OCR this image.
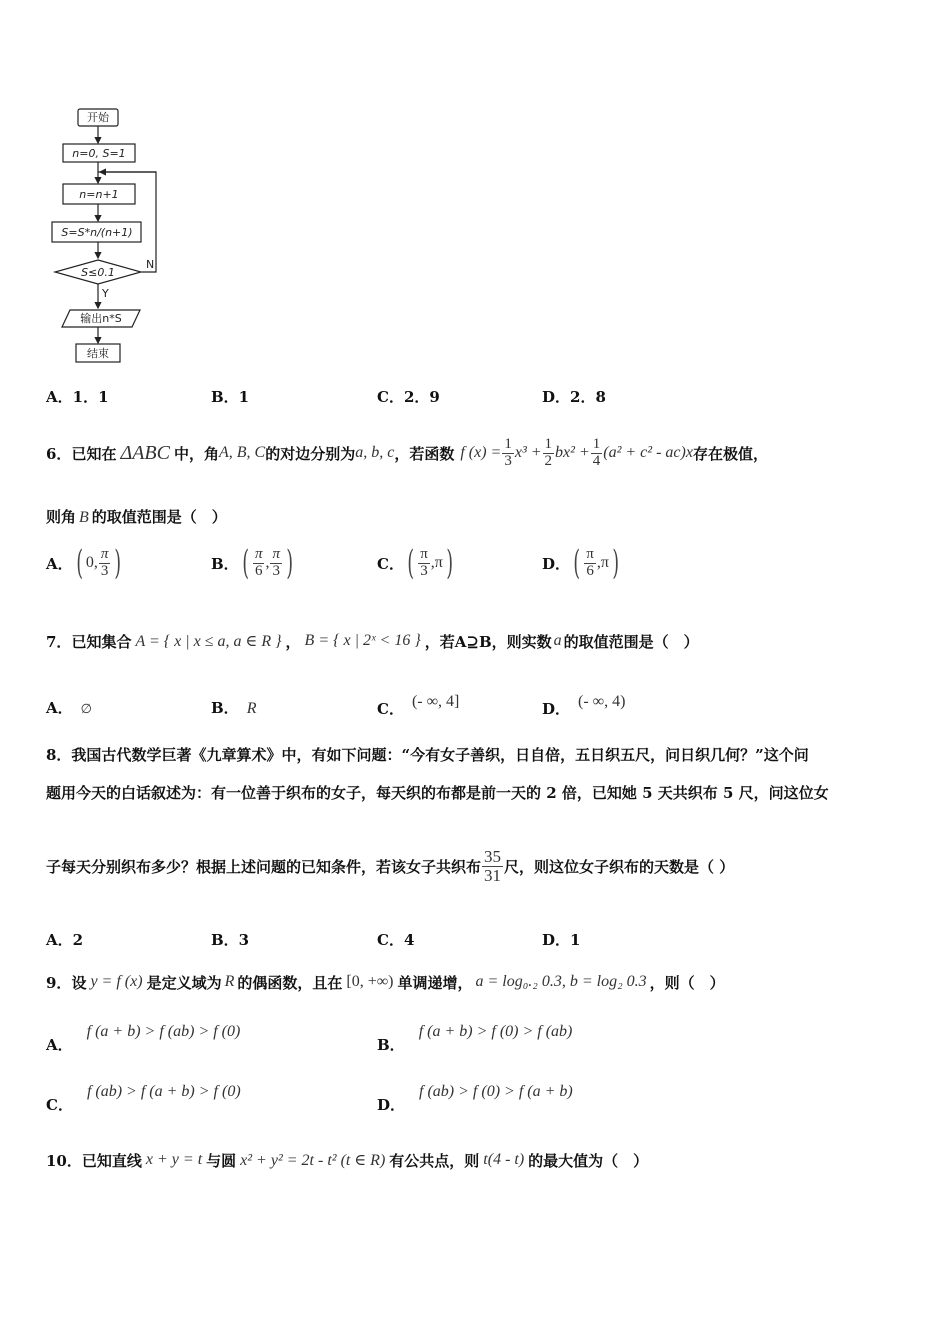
开始
n=0, S=1
n=n+1
S=S*n/(n+1)
S≤0.1
N
Y
输出n*S
结束
A．1．1	B．1	C．2．9	D．2．8
6． 已知在 ΔABC 中，角 A, B, C 的对边分别为 a, b, c ，若函数 f $(x) = \frac{1}{3} x^3 + \frac{1}{2} bx^2 + \frac{1}{4} (a^2 + c^2 - ac)x$ 存在极值，
则角 B 的取值范围是（　）
A． ( 0, $\frac{\pi}{3}$ )	B． ( $\frac{\pi}{6}$ , $\frac{\pi}{3}$ )	C． ( $\frac{\pi}{3} ,\pi$ )	D． ( $\frac{\pi}{6} ,\pi$ )
7． 已知集合 A = { x | x ≤ a, a ∈ R } ， B = { x | 2ˣ < 16 } ，若A⊇B，则实数 a 的取值范围是（　）
A． ∅	B． R	C． (- ∞, 4]	D． (- ∞, 4)
8．我国古代数学巨著《九章算术》中，有如下问题：“今有女子善织，日自倍，五日织五尺，问日织几何？”这个问
题用今天的白话叙述为：有一位善于织布的女子，每天织的布都是前一天的 2 倍，已知她 5 天共织布 5 尺，问这位女
子每天分别织布多少？根据上述问题的已知条件，若该女子共织布 $\frac{35}{31}$ 尺，则这位女子织布的天数是（ ）
A．2	B．3	C．4	D．1
9． 设 y = f (x) 是定义域为 R 的偶函数，且在 [0, +∞) 单调递增， a = log₀.₂ 0.3, b = log₂ 0.3 ，则（　）
A．f (a + b) > f (ab) > f (0)
B．f (a + b) > f (0) > f (ab)
C．f (ab) > f (a + b) > f (0)
D．f (ab) > f (0) > f (a + b)
10． 已知直线 x + y = t 与圆 x² + y² = 2t - t² (t ∈ R) 有公共点，则 t(4 - t) 的最大值为（　）
